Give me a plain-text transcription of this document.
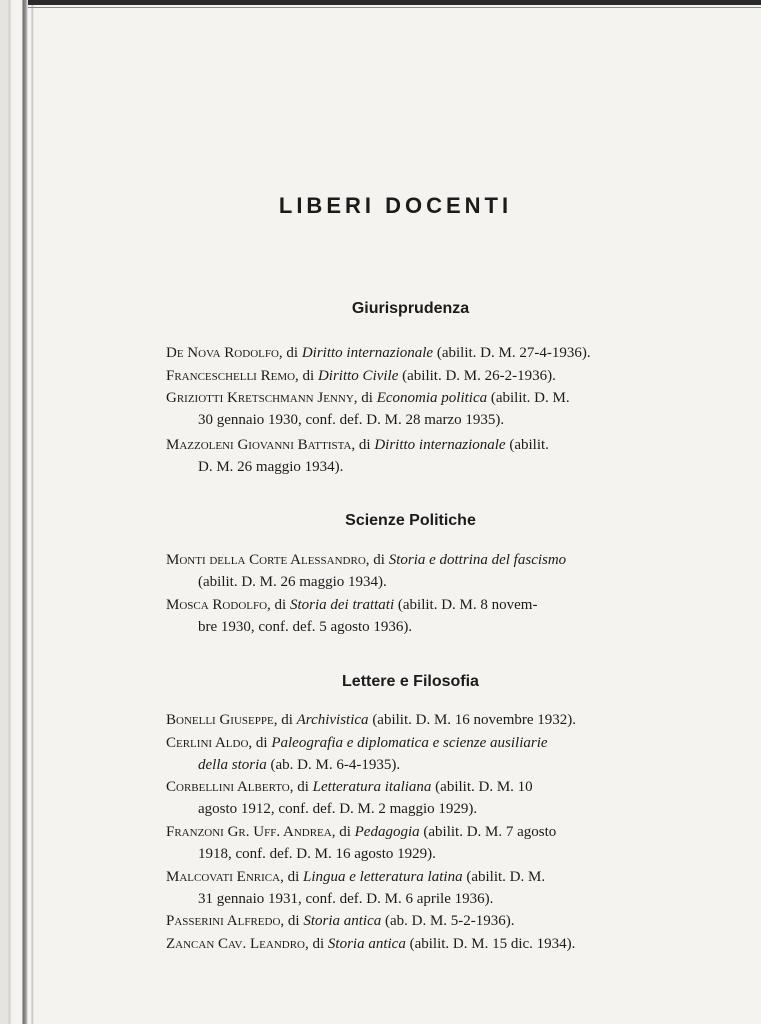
LIBERI DOCENTI
Giurisprudenza
De Nova Rodolfo, di Diritto internazionale (abilit. D. M. 27-4-1936).
Franceschelli Remo, di Diritto Civile (abilit. D. M. 26-2-1936).
Griziotti Kretschmann Jenny, di Economia politica (abilit. D. M.
30 gennaio 1930, conf. def. D. M. 28 marzo 1935).
Mazzoleni Giovanni Battista, di Diritto internazionale (abilit.
D. M. 26 maggio 1934).
Scienze Politiche
Monti della Corte Alessandro, di Storia e dottrina del fascismo
(abilit. D. M. 26 maggio 1934).
Mosca Rodolfo, di Storia dei trattati (abilit. D. M. 8 novem-
bre 1930, conf. def. 5 agosto 1936).
Lettere e Filosofia
Bonelli Giuseppe, di Archivistica (abilit. D. M. 16 novembre 1932).
Cerlini Aldo, di Paleografia e diplomatica e scienze ausiliarie
della storia (ab. D. M. 6-4-1935).
Corbellini Alberto, di Letteratura italiana (abilit. D. M. 10
agosto 1912, conf. def. D. M. 2 maggio 1929).
Franzoni Gr. Uff. Andrea, di Pedagogia (abilit. D. M. 7 agosto
1918, conf. def. D. M. 16 agosto 1929).
Malcovati Enrica, di Lingua e letteratura latina (abilit. D. M.
31 gennaio 1931, conf. def. D. M. 6 aprile 1936).
Passerini Alfredo, di Storia antica (ab. D. M. 5-2-1936).
Zancan Cav. Leandro, di Storia antica (abilit. D. M. 15 dic. 1934).
